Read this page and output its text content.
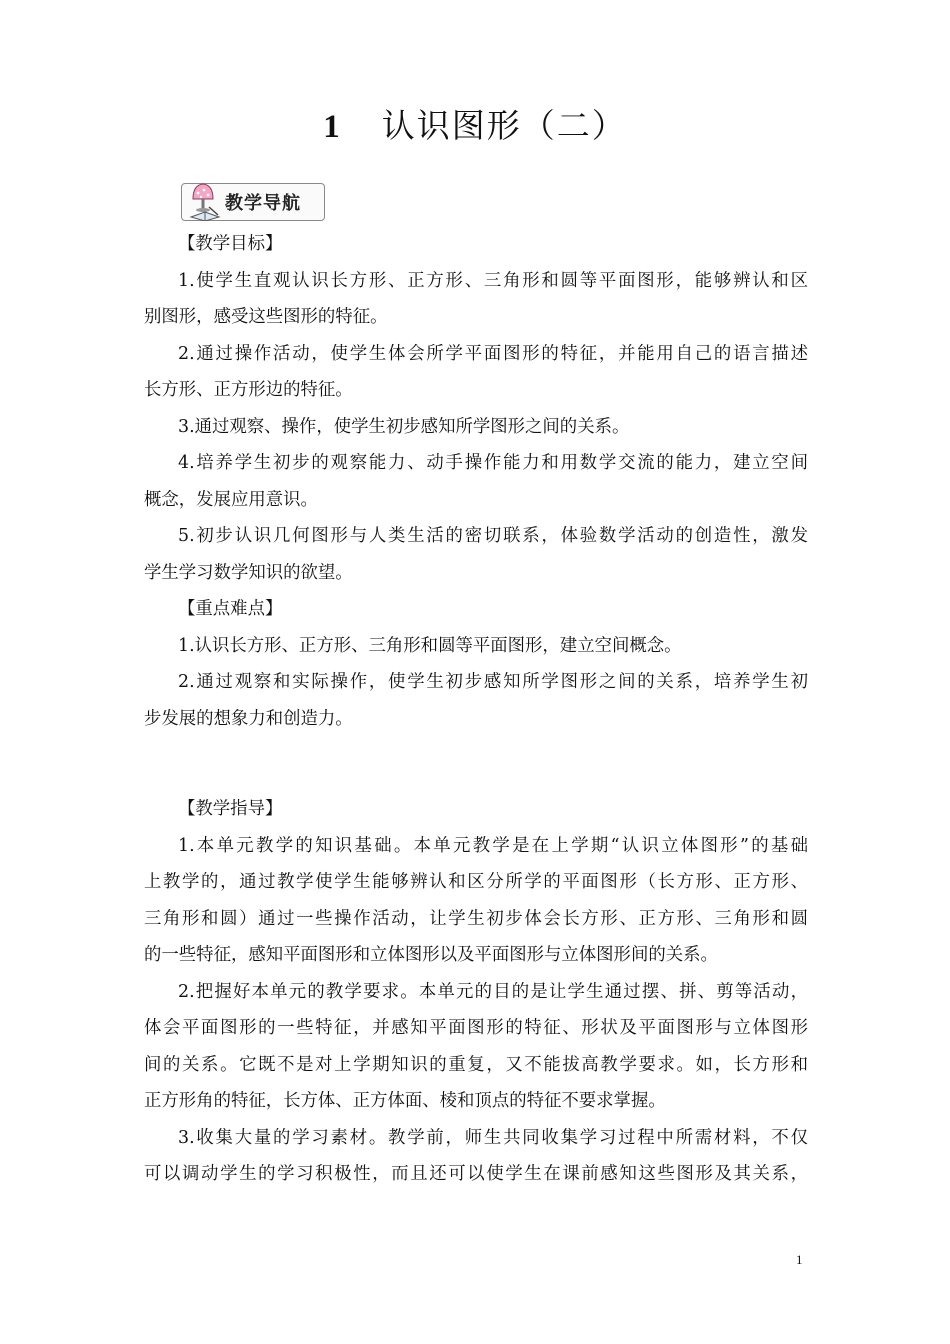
1 认识图形（二）
教学导航
【教学目标】
1.使学生直观认识长方形、正方形、三角形和圆等平面图形，能够辨认和区
别图形，感受这些图形的特征。
2.通过操作活动，使学生体会所学平面图形的特征，并能用自己的语言描述
长方形、正方形边的特征。
3.通过观察、操作，使学生初步感知所学图形之间的关系。
4.培养学生初步的观察能力、动手操作能力和用数学交流的能力，建立空间
概念，发展应用意识。
5.初步认识几何图形与人类生活的密切联系，体验数学活动的创造性，激发
学生学习数学知识的欲望。
【重点难点】
1.认识长方形、正方形、三角形和圆等平面图形，建立空间概念。
2.通过观察和实际操作，使学生初步感知所学图形之间的关系，培养学生初
步发展的想象力和创造力。
【教学指导】
1.本单元教学的知识基础。本单元教学是在上学期“认识立体图形”的基础
上教学的，通过教学使学生能够辨认和区分所学的平面图形（长方形、正方形、
三角形和圆）通过一些操作活动，让学生初步体会长方形、正方形、三角形和圆
的一些特征，感知平面图形和立体图形以及平面图形与立体图形间的关系。
2.把握好本单元的教学要求。本单元的目的是让学生通过摆、拼、剪等活动，
体会平面图形的一些特征，并感知平面图形的特征、形状及平面图形与立体图形
间的关系。它既不是对上学期知识的重复，又不能拔高教学要求。如，长方形和
正方形角的特征，长方体、正方体面、棱和顶点的特征不要求掌握。
3.收集大量的学习素材。教学前，师生共同收集学习过程中所需材料，不仅
可以调动学生的学习积极性，而且还可以使学生在课前感知这些图形及其关系，
1
